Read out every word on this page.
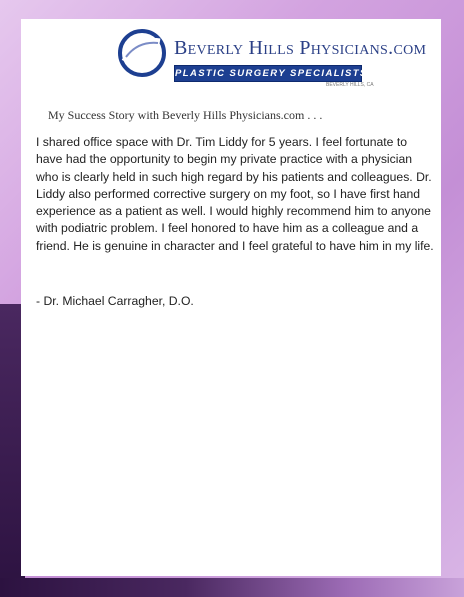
Beverly Hills Physicians.com
PLASTIC SURGERY SPECIALISTS
BEVERLY HILLS, CA
My Success Story with Beverly Hills Physicians.com . . .
I shared office space with Dr. Tim Liddy for 5 years. I feel fortunate to have had the opportunity to begin my private practice with a physician who is clearly held in such high regard by his patients and colleagues. Dr. Liddy also performed corrective surgery on my foot, so I have first hand experience as a patient as well. I would highly recommend him to anyone with podiatric problem. I feel honored to have him as a colleague and a friend. He is genuine in character and I feel grateful to have him in my life.
- Dr. Michael Carragher, D.O.
